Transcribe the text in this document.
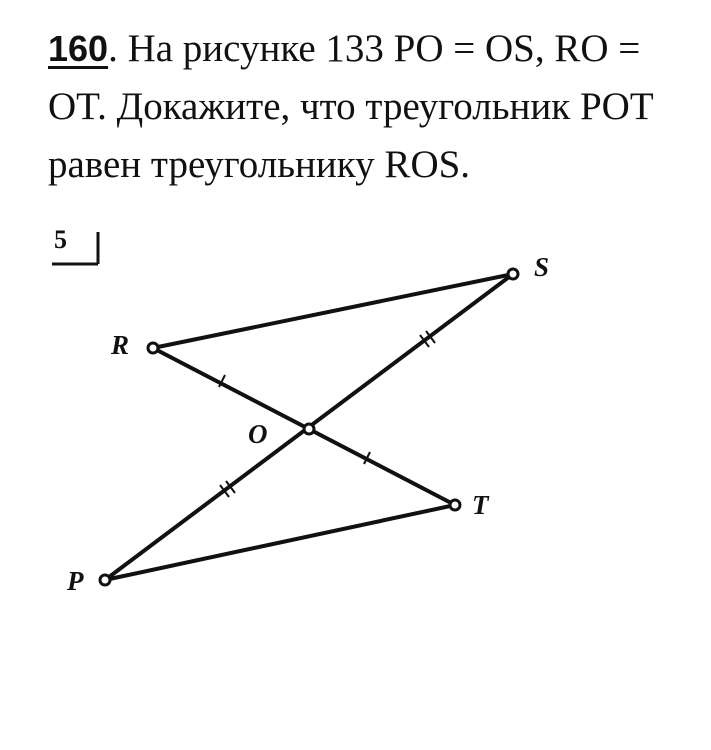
160. На рисунке 133 PO = OS, RO = OT. Докажите, что треугольник POT равен треугольнику ROS.

5
R
S
O
T
P
